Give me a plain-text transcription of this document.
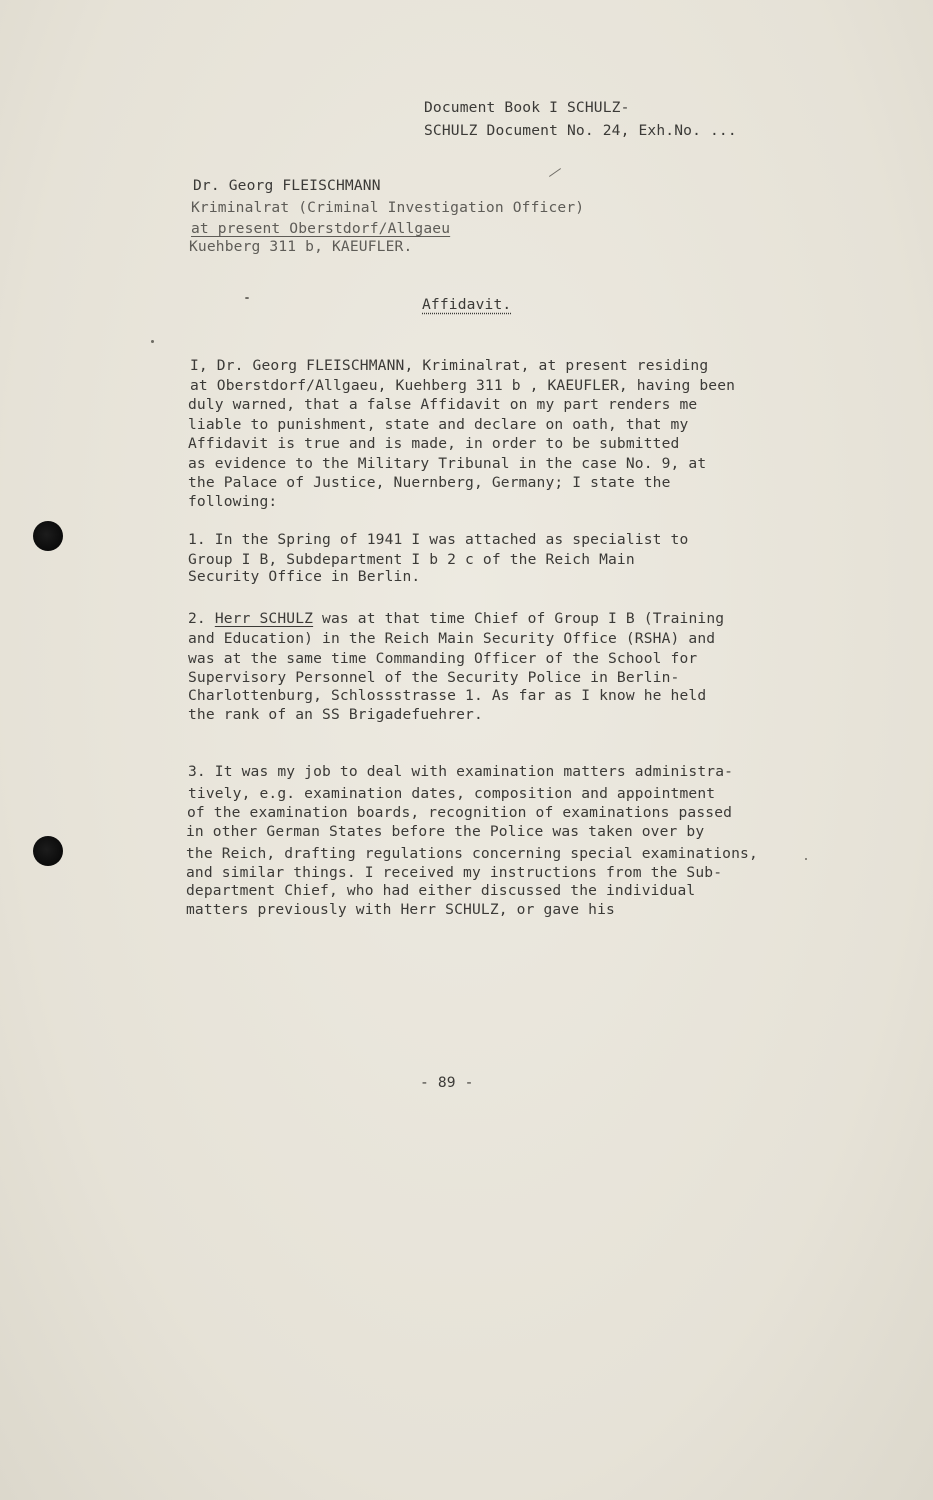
Document Book I SCHULZ-
SCHULZ Document No. 24, Exh.No. ...
Dr. Georg FLEISCHMANN
Kriminalrat (Criminal Investigation Officer)
at present Oberstdorf/Allgaeu
Kuehberg 311 b, KAEUFLER.
Affidavit.
I, Dr. Georg FLEISCHMANN, Kriminalrat, at present residing
at Oberstdorf/Allgaeu, Kuehberg 311 b , KAEUFLER, having been
duly warned, that a false Affidavit on my part renders me
liable to punishment, state and declare on oath, that my
Affidavit is true and is made, in order to be submitted
as evidence to the Military Tribunal in the case No. 9, at
the Palace of Justice, Nuernberg, Germany; I state the
following:
1. In the Spring of 1941 I was attached as specialist to
Group I B, Subdepartment I b 2 c of the Reich Main
Security Office in Berlin.
2. Herr SCHULZ was at that time Chief of Group I B (Training
and Education) in the Reich Main Security Office (RSHA) and
was at the same time Commanding Officer of the School for
Supervisory Personnel of the Security Police in Berlin-
Charlottenburg, Schlossstrasse 1. As far as I know he held
the rank of an SS Brigadefuehrer.
3. It was my job to deal with examination matters administra-
tively, e.g. examination dates, composition and appointment
of the examination boards, recognition of examinations passed
in other German States before the Police was taken over by
the Reich, drafting regulations concerning special examinations,
and similar things. I received my instructions from the Sub-
department Chief, who had either discussed the individual
matters previously with Herr SCHULZ, or gave his
- 89 -
